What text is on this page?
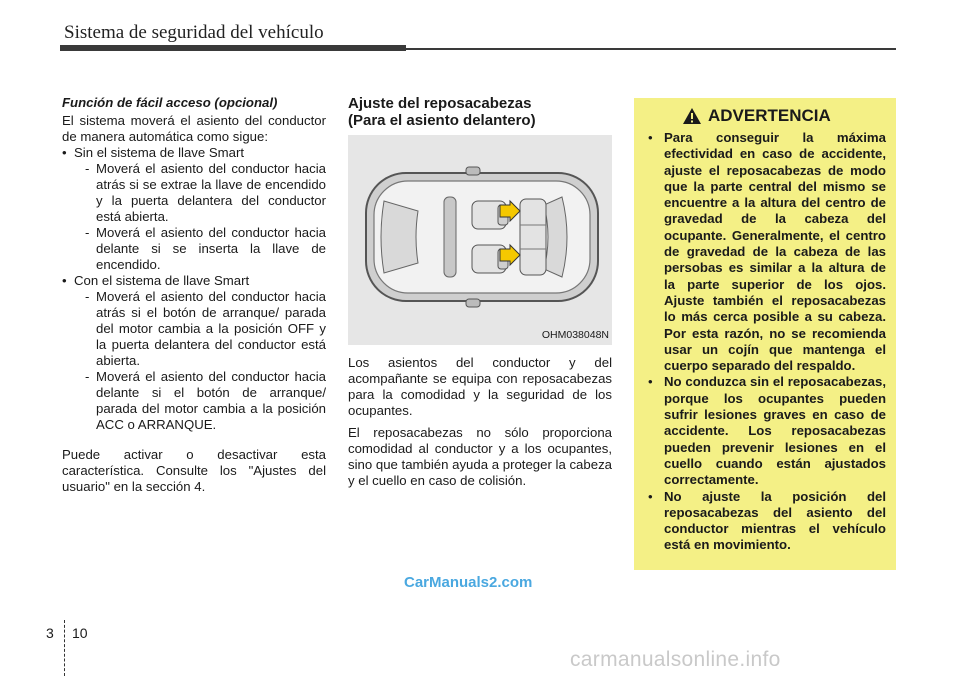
Sistema de seguridad del vehículo

Función de fácil acceso (opcional)

El sistema moverá el asiento del conductor de manera automática como sigue:

• Sin el sistema de llave Smart
- Moverá el asiento del conductor hacia atrás si se extrae la llave de encendido y la puerta delantera del conductor está abierta.
- Moverá el asiento del conductor hacia delante si se inserta la llave de encendido.
• Con el sistema de llave Smart
- Moverá el asiento del conductor hacia atrás si el botón de arranque/ parada del motor cambia a la posición OFF y la puerta delantera del conductor está abierta.
- Moverá el asiento del conductor hacia delante si el botón de arranque/ parada del motor cambia a la posición ACC o ARRANQUE.

Puede activar o desactivar esta característica. Consulte los "Ajustes del usuario" en la sección 4.

Ajuste del reposacabezas
(Para el asiento delantero)
OHM038048N

Los asientos del conductor y del acompañante se equipa con reposacabezas para la comodidad y la seguridad de los ocupantes.

El reposacabezas no sólo proporciona comodidad al conductor y a los ocupantes, sino que también ayuda a proteger la cabeza y el cuello en caso de colisión.

ADVERTENCIA
• Para conseguir la máxima efectividad en caso de accidente, ajuste el reposacabezas de modo que la parte central del mismo se encuentre a la altura del centro de gravedad de la cabeza del ocupante. Generalmente, el centro de gravedad de la cabeza de las persobas es similar a la altura de la parte superior de los ojos. Ajuste también el reposacabezas lo más cerca posible a su cabeza. Por esta razón, no se recomienda usar un cojín que mantenga el cuerpo separado del respaldo.
• No conduzca sin el reposacabezas, porque los ocupantes pueden sufrir lesiones graves en caso de accidente. Los reposacabezas pueden prevenir lesiones en el cuello cuando están ajustados correctamente.
• No ajuste la posición del reposacabezas del asiento del conductor mientras el vehículo está en movimiento.
CarManuals2.com
3 10
carmanualsonline.info
